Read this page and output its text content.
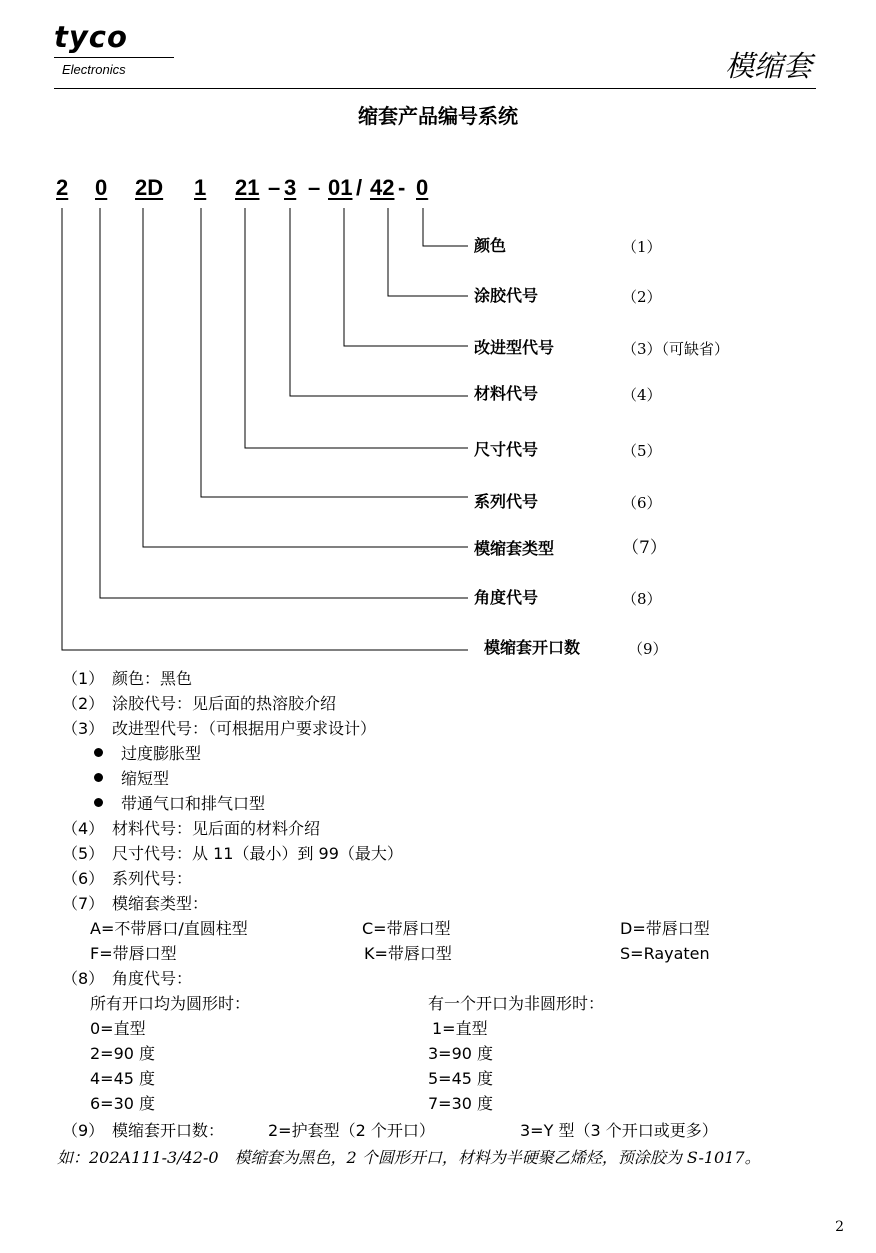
tyco
Electronics	模缩套
缩套产品编号系统
2 0 2D 1 21 – 3 – 01 / 42 - 0
颜色	（1）
涂胶代号	（2）
改进型代号	（3）（可缺省）
材料代号	（4）
尺寸代号	（5）
系列代号	（6）
模缩套类型	（7）
角度代号	（8）
模缩套开口数	（9）
（1） 颜色：黑色
（2） 涂胶代号：见后面的热溶胶介绍
（3） 改进型代号：（可根据用户要求设计）
过度膨胀型
缩短型
带通气口和排气口型
（4） 材料代号：见后面的材料介绍
（5） 尺寸代号：从 11（最小）到 99（最大）
（6） 系列代号：
（7） 模缩套类型：
A=不带唇口/直圆柱型	C=带唇口型	D=带唇口型
F=带唇口型	K=带唇口型	S=Rayaten
（8） 角度代号：
所有开口均为圆形时：	有一个开口为非圆形时：
0=直型	1=直型
2=90 度	3=90 度
4=45 度	5=45 度
6=30 度	7=30 度
（9） 模缩套开口数：	2=护套型（2 个开口）	3=Y 型（3 个开口或更多）
如：202A111-3/42-0　模缩套为黑色，2 个圆形开口，材料为半硬聚乙烯烃，预涂胶为 S-1017。
2
